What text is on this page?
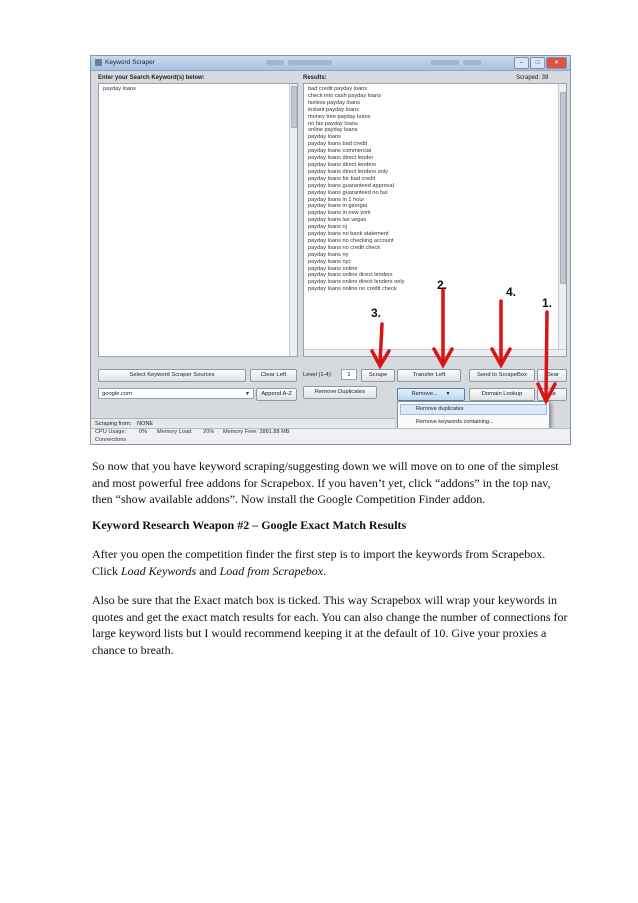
Keyword Scraper	–	□	✕
Enter your Search Keyword(s) below:	Results:	Scraped: 39
payday loans	bad credit payday loans
check into cash payday loans
faxless payday loans
instant payday loans
money tree payday loans
no fax payday loans
online payday loans
payday loans
payday loans bad credit
payday loans commercial
payday loans direct lender
payday loans direct lenders
payday loans direct lenders only
payday loans for bad credit
payday loans guaranteed approval
payday loans guaranteed no fax
payday loans in 1 hour
payday loans in georgia
payday loans in new york
payday loans las vegas
payday loans nj
payday loans no bank statement
payday loans no checking account
payday loans no credit check
payday loans ny
payday loans nyc
payday loans online
payday loans online direct lenders
payday loans online direct lenders only
payday loans online no credit check
Select Keyword Scraper Sources	Clear Left	Level (1-4):	1	Scrape	Transfer Left	Send to ScrapeBox	Clear
google.com	▼	Append A-Z	Remove Duplicates	Remove... ▼	Domain Lookup	ate
Remove duplicates
Remove keywords containing...
Scraping from: NONE
CPU Usage: 0% Memory Load: 20% Memory Free: 3881.88 MB
Connections
3.
2.	4.
1.

So now that you have keyword scraping/suggesting down we will move on to one of the simplest and most powerful free addons for Scrapebox. If you haven’t yet, click “addons” in the top nav, then “show available addons”. Now install the Google Competition Finder addon.

Keyword Research Weapon #2 – Google Exact Match Results

After you open the competition finder the first step is to import the keywords from Scrapebox. Click Load Keywords and Load from Scrapebox.

Also be sure that the Exact match box is ticked. This way Scrapebox will wrap your keywords in quotes and get the exact match results for each. You can also change the number of connections for large keyword lists but I would recommend keeping it at the default of 10. Give your proxies a chance to breath.
